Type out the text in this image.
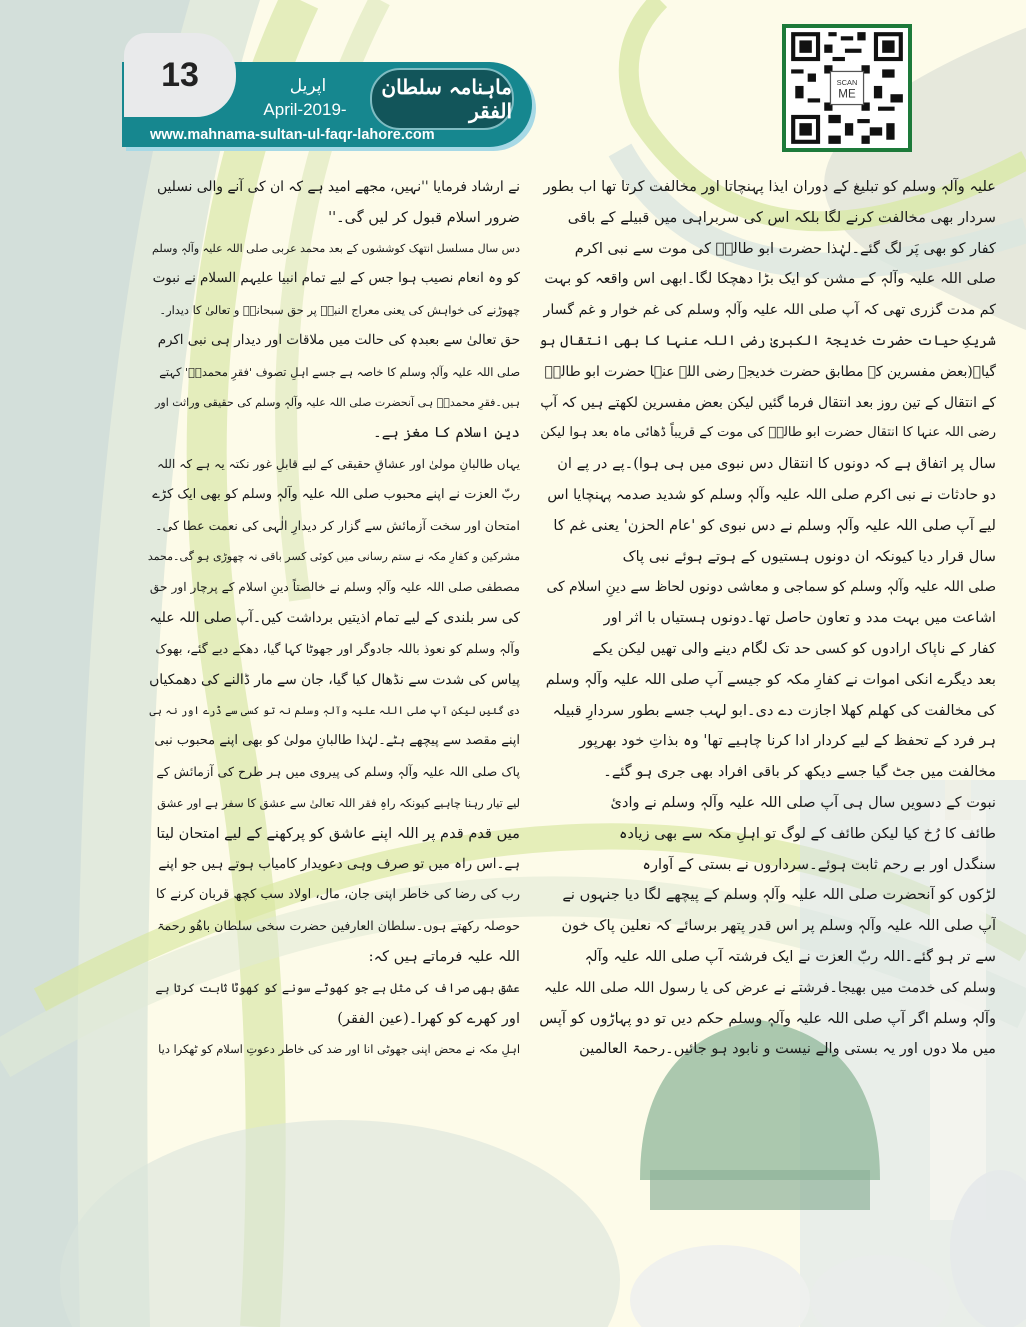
13	اپریل
April-2019-
ماہنامہ سلطان الفقر
www.mahnama-sultan-ul-faqr-lahore.com
SCAN
ME
علیہ وآلہٖ وسلم کو تبلیغ کے دوران ایذا پہنچاتا اور مخالفت کرتا تھا اب بطور
سردار بھی مخالفت کرنے لگا بلکہ اس کی سربراہی میں قبیلے کے باقی
کفار کو بھی پَر لگ گئے۔لہٰذا حضرت ابو طالبؓ کی موت سے نبی اکرم
صلی اللہ علیہ وآلہٖ کے مشن کو ایک بڑا دھچکا لگا۔ابھی اس واقعہ کو بہت
کم مدت گزری تھی کہ آپ صلی اللہ علیہ وآلہٖ وسلم کی غم خوار و غم گسار
شریکِ حیات حضرت خدیجۃ الکبریٰ رضی اللہ عنہا کا بھی انتقال ہو
گیا۔(بعض مفسرین کے مطابق حضرت خدیجہ رضی اللہ عنہا حضرت ابو طالبؓ
کے انتقال کے تین روز بعد انتقال فرما گئیں لیکن بعض مفسرین لکھتے ہیں کہ آپ
رضی اللہ عنہا کا انتقال حضرت ابو طالبؓ کی موت کے قریباً ڈھائی ماہ بعد ہوا لیکن
سال پر اتفاق ہے کہ دونوں کا انتقال دس نبوی میں ہی ہوا)۔پے در پے ان
دو حادثات نے نبی اکرم صلی اللہ علیہ وآلہٖ وسلم کو شدید صدمہ پہنچایا اس
لیے آپ صلی اللہ علیہ وآلہٖ وسلم نے دس نبوی کو 'عام الحزن' یعنی غم کا
سال قرار دیا کیونکہ ان دونوں ہستیوں کے ہوتے ہوئے نبی پاک
صلی اللہ علیہ وآلہٖ وسلم کو سماجی و معاشی دونوں لحاظ سے دینِ اسلام کی
اشاعت میں بہت مدد و تعاون حاصل تھا۔دونوں ہستیاں با اثر اور
کفار کے ناپاک ارادوں کو کسی حد تک لگام دینے والی تھیں لیکن یکے
بعد دیگرے انکی اموات نے کفارِ مکہ کو جیسے آپ صلی اللہ علیہ وآلہٖ وسلم
کی مخالفت کی کھلم کھلا اجازت دے دی۔ابو لہب جسے بطور سردارِ قبیلہ
ہر فرد کے تحفظ کے لیے کردار ادا کرنا چاہیے تھا' وہ بذاتِ خود بھرپور
مخالفت میں جٹ گیا جسے دیکھ کر باقی افراد بھی جری ہو گئے۔
نبوت کے دسویں سال ہی آپ صلی اللہ علیہ وآلہٖ وسلم نے وادیٔ
طائف کا رُخ کیا لیکن طائف کے لوگ تو اہلِ مکہ سے بھی زیادہ
سنگدل اور بے رحم ثابت ہوئے۔سرداروں نے بستی کے آوارہ
لڑکوں کو آنحضرت صلی اللہ علیہ وآلہٖ وسلم کے پیچھے لگا دیا جنہوں نے
آپ صلی اللہ علیہ وآلہٖ وسلم پر اس قدر پتھر برسائے کہ نعلین پاک خون
سے تر ہو گئے۔اللہ ربّ العزت نے ایک فرشتہ آپ صلی اللہ علیہ وآلہٖ
وسلم کی خدمت میں بھیجا۔فرشتے نے عرض کی یا رسول اللہ صلی اللہ علیہ
وآلہٖ وسلم اگر آپ صلی اللہ علیہ وآلہٖ وسلم حکم دیں تو دو پہاڑوں کو آپس
میں ملا دوں اور یہ بستی والے نیست و نابود ہو جائیں۔رحمۃ العالمین
نے ارشاد فرمایا ''نہیں، مجھے امید ہے کہ ان کی آنے والی نسلیں
ضرور اسلام قبول کر لیں گی۔''
دس سال مسلسل انتھک کوششوں کے بعد محمد عربی صلی اللہ علیہ وآلہٖ وسلم
کو وہ انعام نصیب ہوا جس کے لیے تمام انبیا علیہم السلام نے نبوت
چھوڑنے کی خواہش کی یعنی معراج النبیؐ پر حق سبحانہٗ و تعالیٰ کا دیدار۔
حق تعالیٰ سے بعبدہٖ کی حالت میں ملاقات اور دیدار ہی نبی اکرم
صلی اللہ علیہ وآلہٖ وسلم کا خاصہ ہے جسے اہلِ تصوف 'فقرِ محمدیؐ' کہتے
ہیں۔فقرِ محمدیؐ ہی آنحضرت صلی اللہ علیہ وآلہٖ وسلم کی حقیقی وراثت اور
دینِ اسلام کا مغز ہے۔
یہاں طالبانِ مولیٰ اور عشاقِ حقیقی کے لیے قابلِ غور نکتہ یہ ہے کہ اللہ
ربّ العزت نے اپنے محبوب صلی اللہ علیہ وآلہٖ وسلم کو بھی ایک کڑے
امتحان اور سخت آزمائش سے گزار کر دیدارِ الٰہی کی نعمت عطا کی۔
مشرکین و کفارِ مکہ نے ستم رسانی میں کوئی کسر باقی نہ چھوڑی ہو گی۔محمد
مصطفی صلی اللہ علیہ وآلہٖ وسلم نے خالصتاً دینِ اسلام کے پرچار اور حق
کی سر بلندی کے لیے تمام اذیتیں برداشت کیں۔آپ صلی اللہ علیہ
وآلہٖ وسلم کو نعوذ باللہ جادوگر اور جھوٹا کہا گیا، دھکے دیے گئے، بھوک
پیاس کی شدت سے نڈھال کیا گیا، جان سے مار ڈالنے کی دھمکیاں
دی گئیں لیکن آپ صلی اللہ علیہ وآلہٖ وسلم نہ تو کسی سے ڈرے اور نہ ہی
اپنے مقصد سے پیچھے ہٹے۔لہٰذا طالبانِ مولیٰ کو بھی اپنے محبوب نبی
پاک صلی اللہ علیہ وآلہٖ وسلم کی پیروی میں ہر طرح کی آزمائش کے
لیے تیار رہنا چاہیے کیونکہ راہِ فقر اللہ تعالیٰ سے عشق کا سفر ہے اور عشق
میں قدم قدم پر اللہ اپنے عاشق کو پرکھنے کے لیے امتحان لیتا
ہے۔اس راہ میں تو صرف وہی دعویدار کامیاب ہوتے ہیں جو اپنے
رب کی رضا کی خاطر اپنی جان، مال، اولاد سب کچھ قربان کرنے کا
حوصلہ رکھتے ہوں۔سلطان العارفین حضرت سخی سلطان باھُو رحمۃ
اللہ علیہ فرماتے ہیں کہ:
عشق بھی صراف کی مثل ہے جو کھوٹے سونے کو کھوٹا ثابت کرتا ہے
اور کھرے کو کھرا۔(عین الفقر)
اہلِ مکہ نے محض اپنی جھوٹی انا اور ضد کی خاطر دعوتِ اسلام کو ٹھکرا دیا
